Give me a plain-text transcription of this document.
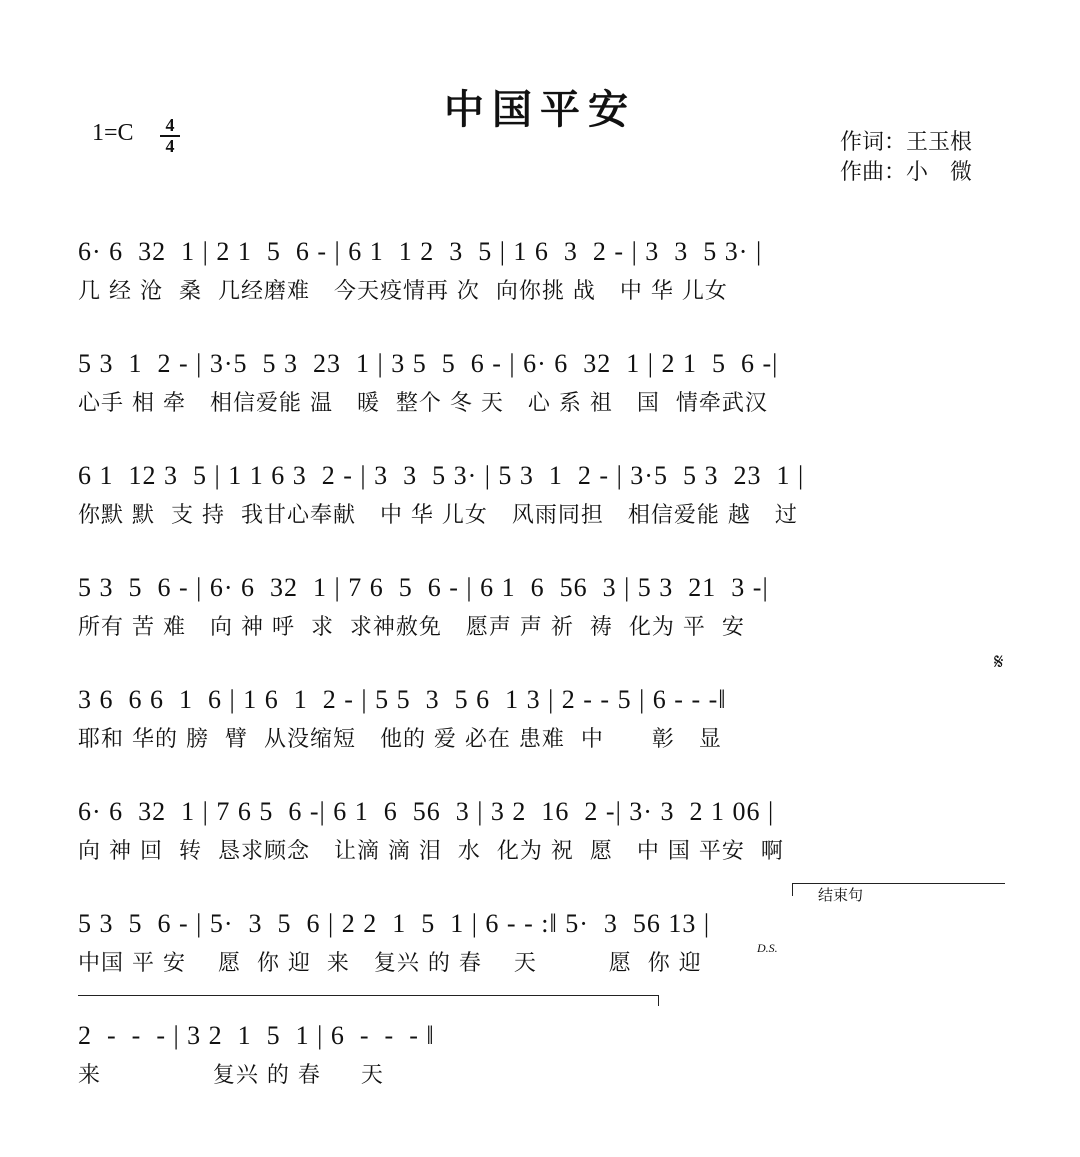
中国平安
1=C	4
4	作词：王玉根
作曲：小　微
6· 6  32  1 | 2 1  5  6 - | 6 1  1 2  3  5 | 1 6  3  2 - | 3  3  5 3· |
几 经 沧  桑  几经磨难   今天疫情再 次  向你挑 战   中 华 儿女
5 3  1  2 - | 3·5  5 3  23  1 | 3 5  5  6 - | 6· 6  32  1 | 2 1  5  6 -|
心手 相 牵   相信爱能 温   暖  整个 冬 天   心 系 祖   国  情牵武汉
6 1  12 3  5 | 1 1 6 3  2 - | 3  3  5 3· | 5 3  1  2 - | 3·5  5 3  23  1 |
你默 默  支 持  我甘心奉献   中 华 儿女   风雨同担   相信爱能 越   过
5 3  5  6 - | 6· 6  32  1 | 7 6  5  6 - | 6 1  6  56  3 | 5 3  21  3 -|
所有 苦 难   向 神 呼  求  求神赦免   愿声 声 祈  祷  化为 平  安
𝄋
3 6  6 6  1  6 | 1 6  1  2 - | 5 5  3  5 6  1 3 | 2 - - 5 | 6 - - -‖
耶和 华的 膀  臂  从没缩短   他的 爱 必在 患难  中      彰   显
6· 6  32  1 | 7 6 5  6 -| 6 1  6  56  3 | 3 2  16  2 -| 3· 3  2 1 06 |
向 神 回  转  恳求顾念   让滴 滴 泪  水  化为 祝  愿   中 国 平安  啊
结束句
5 3  5  6 - | 5·  3  5  6 | 2 2  1  5  1 | 6 - - :‖ 5·  3  56 13 |
中国 平 安    愿  你 迎  来   复兴 的 春    天         愿  你 迎
D.S.
2  -  -  - | 3 2  1  5  1 | 6  -  -  - ‖
来              复兴 的 春     天
